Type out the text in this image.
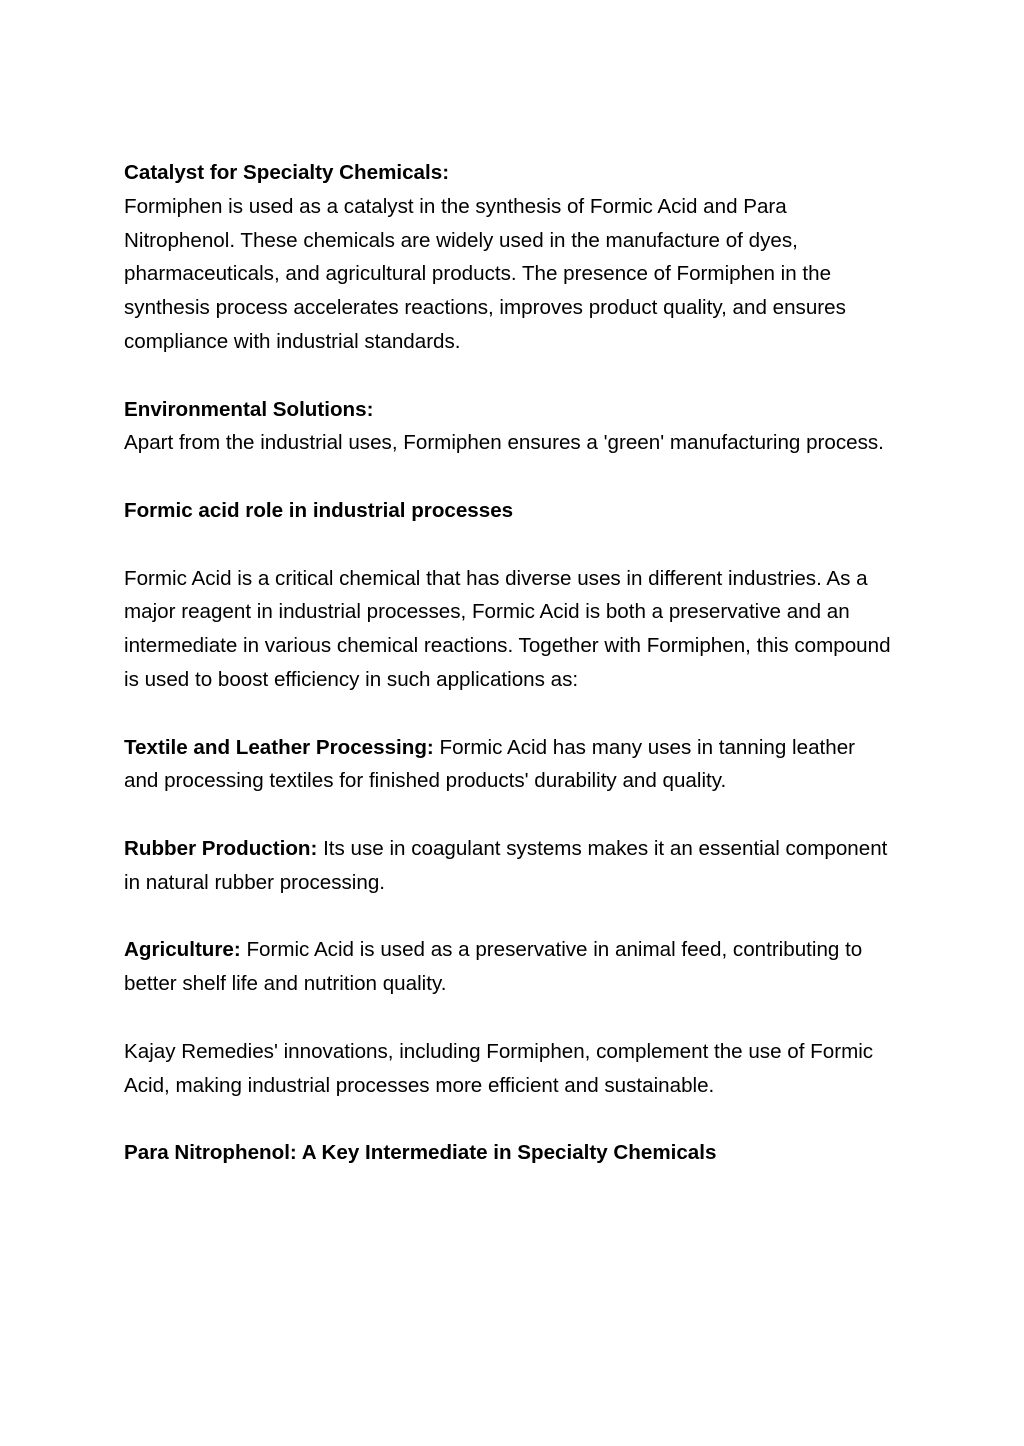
Catalyst for Specialty Chemicals:

Formiphen is used as a catalyst in the synthesis of Formic Acid and Para Nitrophenol. These chemicals are widely used in the manufacture of dyes, pharmaceuticals, and agricultural products. The presence of Formiphen in the synthesis process accelerates reactions, improves product quality, and ensures compliance with industrial standards.

Environmental Solutions:

Apart from the industrial uses, Formiphen ensures a 'green' manufacturing process.

Formic acid role in industrial processes

Formic Acid is a critical chemical that has diverse uses in different industries. As a major reagent in industrial processes, Formic Acid is both a preservative and an intermediate in various chemical reactions. Together with Formiphen, this compound is used to boost efficiency in such applications as:

Textile and Leather Processing: Formic Acid has many uses in tanning leather and processing textiles for finished products' durability and quality.

Rubber Production: Its use in coagulant systems makes it an essential component in natural rubber processing.

Agriculture: Formic Acid is used as a preservative in animal feed, contributing to better shelf life and nutrition quality.

Kajay Remedies' innovations, including Formiphen, complement the use of Formic Acid, making industrial processes more efficient and sustainable.

Para Nitrophenol: A Key Intermediate in Specialty Chemicals
